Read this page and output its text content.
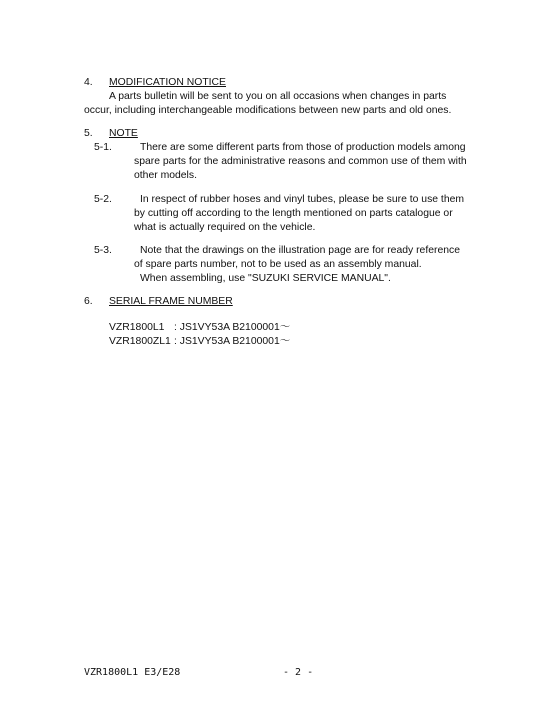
4. MODIFICATION NOTICE
A parts bulletin will be sent to you on all occasions when changes in parts
occur, including interchangeable modifications between new parts and old ones.
5. NOTE
5-1.	There are some different parts from those of production models among
spare parts for the administrative reasons and common use of them with
other models.
5-2.	In respect of rubber hoses and vinyl tubes, please be sure to use them
by cutting off according to the length mentioned on parts catalogue or
what is actually required on the vehicle.
5-3.	Note that the drawings on the illustration page are for ready reference
of spare parts number, not to be used as an assembly manual.
When assembling, use "SUZUKI SERVICE MANUAL".
6. SERIAL FRAME NUMBER
VZR1800L1 : JS1VY53A B2100001～
VZR1800ZL1 : JS1VY53A B2100001～
VZR1800L1 E3/E28	- 2 -
